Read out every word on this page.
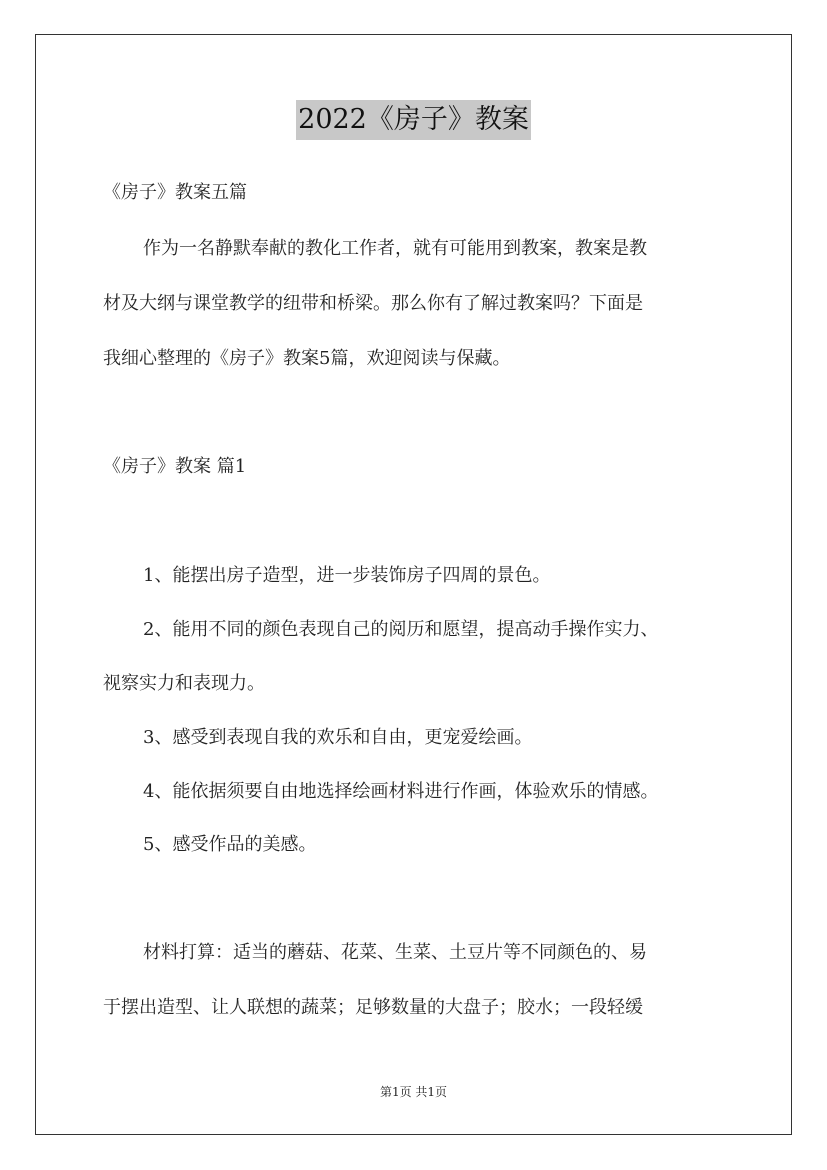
2022《房子》教案
《房子》教案五篇
作为一名静默奉献的教化工作者，就有可能用到教案，教案是教
材及大纲与课堂教学的纽带和桥梁。那么你有了解过教案吗？下面是
我细心整理的《房子》教案5篇，欢迎阅读与保藏。
《房子》教案 篇1
1、能摆出房子造型，进一步装饰房子四周的景色。
2、能用不同的颜色表现自己的阅历和愿望，提高动手操作实力、
视察实力和表现力。
3、感受到表现自我的欢乐和自由，更宠爱绘画。
4、能依据须要自由地选择绘画材料进行作画，体验欢乐的情感。
5、感受作品的美感。
材料打算：适当的蘑菇、花菜、生菜、土豆片等不同颜色的、易
于摆出造型、让人联想的蔬菜；足够数量的大盘子；胶水；一段轻缓
第1页 共1页
